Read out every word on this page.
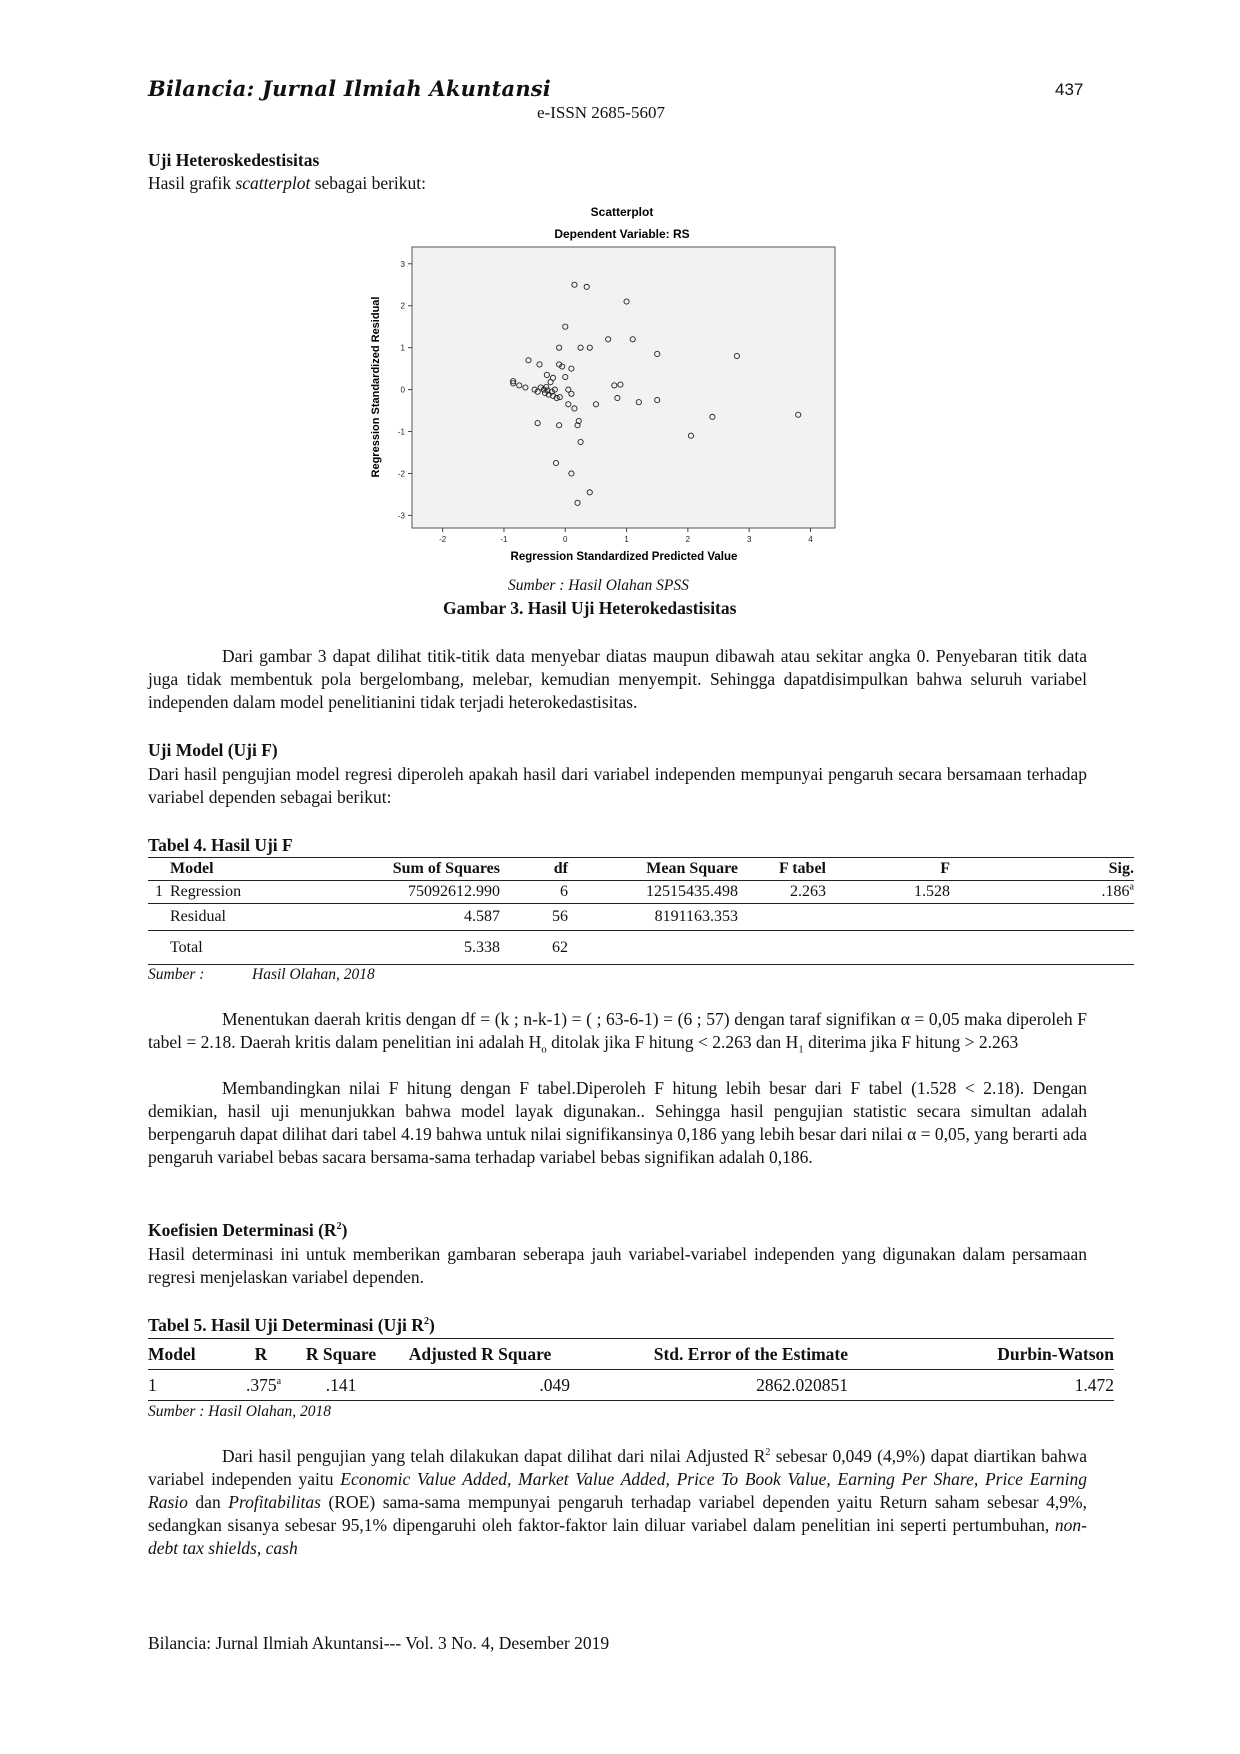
Bilancia: Jurnal Ilmiah Akuntansi	437
e-ISSN 2685-5607
Uji Heteroskedestisitas
Hasil grafik scatterplot sebagai berikut:
Scatterplot
Dependent Variable: RS
-3
-2
-1
0
1
2
3
-2	-1	0	1	2	3	4
Regression Standardized Predicted Value
Regression Standardized Residual
Sumber : Hasil Olahan SPSS
Gambar 3. Hasil Uji Heterokedastisitas
Dari gambar 3 dapat dilihat titik-titik data menyebar diatas maupun dibawah atau sekitar angka 0. Penyebaran titik data juga tidak membentuk pola bergelombang, melebar, kemudian menyempit. Sehingga dapatdisimpulkan bahwa seluruh variabel independen dalam model penelitianini tidak terjadi heterokedastisitas.
Uji Model (Uji F)
Dari hasil pengujian model regresi diperoleh apakah hasil dari variabel independen mempunyai pengaruh secara bersamaan terhadap variabel dependen sebagai berikut:
Tabel 4. Hasil Uji F
	Model	Sum of Squares	df	Mean Square	F tabel	F	Sig.
1	Regression	75092612.990	6	12515435.498	2.263	1.528	.186$^a$
	Residual	4.587	56	8191163.353			
	Total	5.338	62				
Sumber :	Hasil Olahan, 2018
Menentukan daerah kritis dengan df = (k ; n-k-1) = ( ; 63-6-1) = (6 ; 57) dengan taraf signifikan α = 0,05 maka diperoleh F tabel = 2.18. Daerah kritis dalam penelitian ini adalah $H_o$ ditolak jika F hitung < 2.263 dan $H_1$ diterima jika F hitung > 2.263
Membandingkan nilai F hitung dengan F tabel.Diperoleh F hitung lebih besar dari F tabel (1.528 < 2.18). Dengan demikian, hasil uji menunjukkan bahwa model layak digunakan.. Sehingga hasil pengujian statistic secara simultan adalah berpengaruh dapat dilihat dari tabel 4.19 bahwa untuk nilai signifikansinya 0,186 yang lebih besar dari nilai α = 0,05, yang berarti ada pengaruh variabel bebas sacara bersama-sama terhadap variabel bebas signifikan adalah 0,186.
Koefisien Determinasi $(R^2)$
Hasil determinasi ini untuk memberikan gambaran seberapa jauh variabel-variabel independen yang digunakan dalam persamaan regresi menjelaskan variabel dependen.
Tabel 5. Hasil Uji Determinasi (Uji $R^2$)
Model	R	R Square	Adjusted R Square	Std. Error of the Estimate	Durbin-Watson
1	.375$^a$	.141	.049	2862.020851	1.472
Sumber : Hasil Olahan, 2018
Dari hasil pengujian yang telah dilakukan dapat dilihat dari nilai Adjusted $R^2$ sebesar 0,049 (4,9%) dapat diartikan bahwa variabel independen yaitu Economic Value Added, Market Value Added, Price To Book Value, Earning Per Share, Price Earning Rasio dan Profitabilitas (ROE) sama-sama mempunyai pengaruh terhadap variabel dependen yaitu Return saham sebesar 4,9%, sedangkan sisanya sebesar 95,1% dipengaruhi oleh faktor-faktor lain diluar variabel dalam penelitian ini seperti pertumbuhan, non-debt tax shields, cash
Bilancia: Jurnal Ilmiah Akuntansi--- Vol. 3 No. 4, Desember 2019
